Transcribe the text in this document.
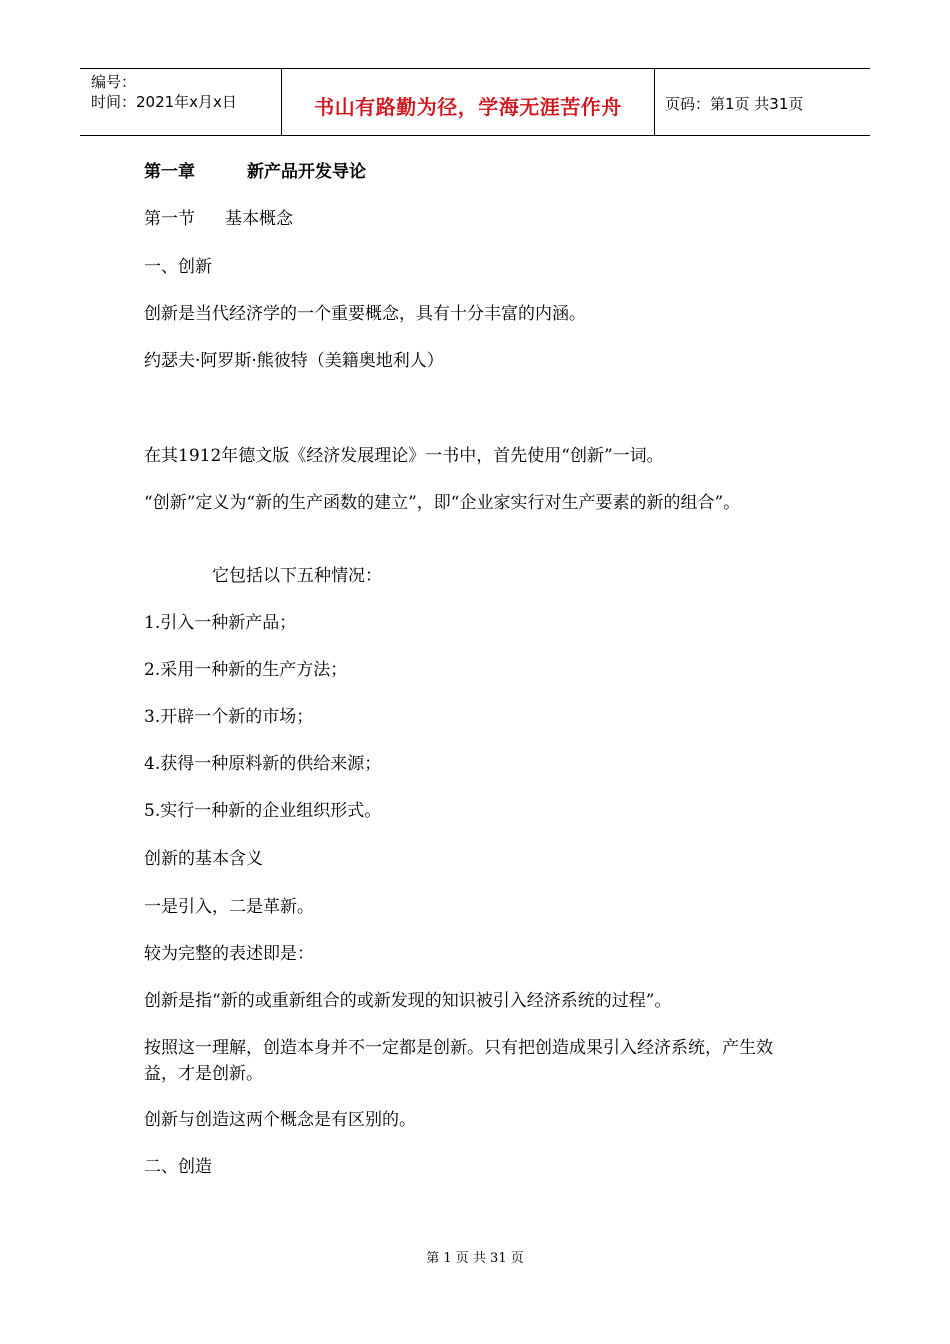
编号：
时间：2021年x月x日	书山有路勤为径，学海无涯苦作舟	页码：第1页 共31页
第一章	新产品开发导论
第一节 基本概念
一、创新
创新是当代经济学的一个重要概念，具有十分丰富的内涵。
约瑟夫·阿罗斯·熊彼特（美籍奥地利人）
在其1912年德文版《经济发展理论》一书中，首先使用“创新”一词。
“创新”定义为“新的生产函数的建立”，即“企业家实行对生产要素的新的组合”。
它包括以下五种情况：
1.引入一种新产品；
2.采用一种新的生产方法；
3.开辟一个新的市场；
4.获得一种原料新的供给来源；
5.实行一种新的企业组织形式。
创新的基本含义
一是引入，二是革新。
较为完整的表述即是：
创新是指“新的或重新组合的或新发现的知识被引入经济系统的过程”。
按照这一理解，创造本身并不一定都是创新。只有把创造成果引入经济系统，产生效益，才是创新。
创新与创造这两个概念是有区别的。
二、创造
第 1 页 共 31 页
